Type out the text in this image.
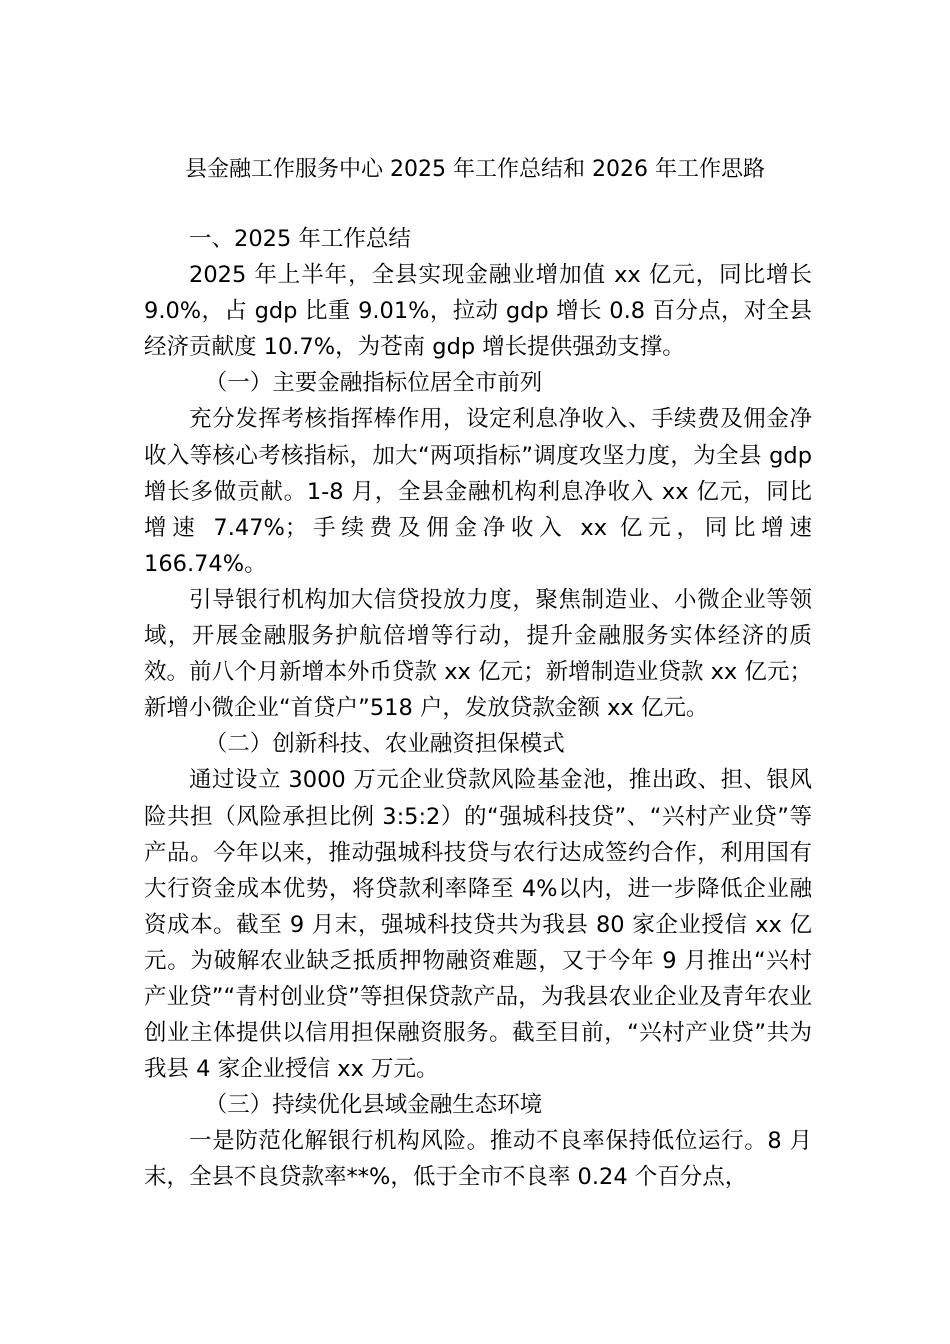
县金融工作服务中心 2025 年工作总结和 2026 年工作思路

一、2025 年工作总结

2025 年上半年，全县实现金融业增加值 xx 亿元，同比增长 9.0%，占 gdp 比重 9.01%，拉动 gdp 增长 0.8 百分点，对全县经济贡献度 10.7%，为苍南 gdp 增长提供强劲支撑。

（一）主要金融指标位居全市前列

充分发挥考核指挥棒作用，设定利息净收入、手续费及佣金净收入等核心考核指标，加大“两项指标”调度攻坚力度，为全县 gdp 增长多做贡献。1-8 月，全县金融机构利息净收入 xx 亿元，同比增速 7.47%；手续费及佣金净收入 xx 亿元，同比增速 166.74%。

引导银行机构加大信贷投放力度，聚焦制造业、小微企业等领域，开展金融服务护航倍增等行动，提升金融服务实体经济的质效。前八个月新增本外币贷款 xx 亿元；新增制造业贷款 xx 亿元；新增小微企业“首贷户”518 户，发放贷款金额 xx 亿元。

（二）创新科技、农业融资担保模式

通过设立 3000 万元企业贷款风险基金池，推出政、担、银风险共担（风险承担比例 3:5:2）的“强城科技贷”、“兴村产业贷”等产品。今年以来，推动强城科技贷与农行达成签约合作，利用国有大行资金成本优势，将贷款利率降至 4%以内，进一步降低企业融资成本。截至 9 月末，强城科技贷共为我县 80 家企业授信 xx 亿元。为破解农业缺乏抵质押物融资难题，又于今年 9 月推出“兴村产业贷”“青村创业贷”等担保贷款产品，为我县农业企业及青年农业创业主体提供以信用担保融资服务。截至目前，“兴村产业贷”共为我县 4 家企业授信 xx 万元。

（三）持续优化县域金融生态环境

一是防范化解银行机构风险。推动不良率保持低位运行。8 月末，全县不良贷款率**%，低于全市不良率 0.24 个百分点，
